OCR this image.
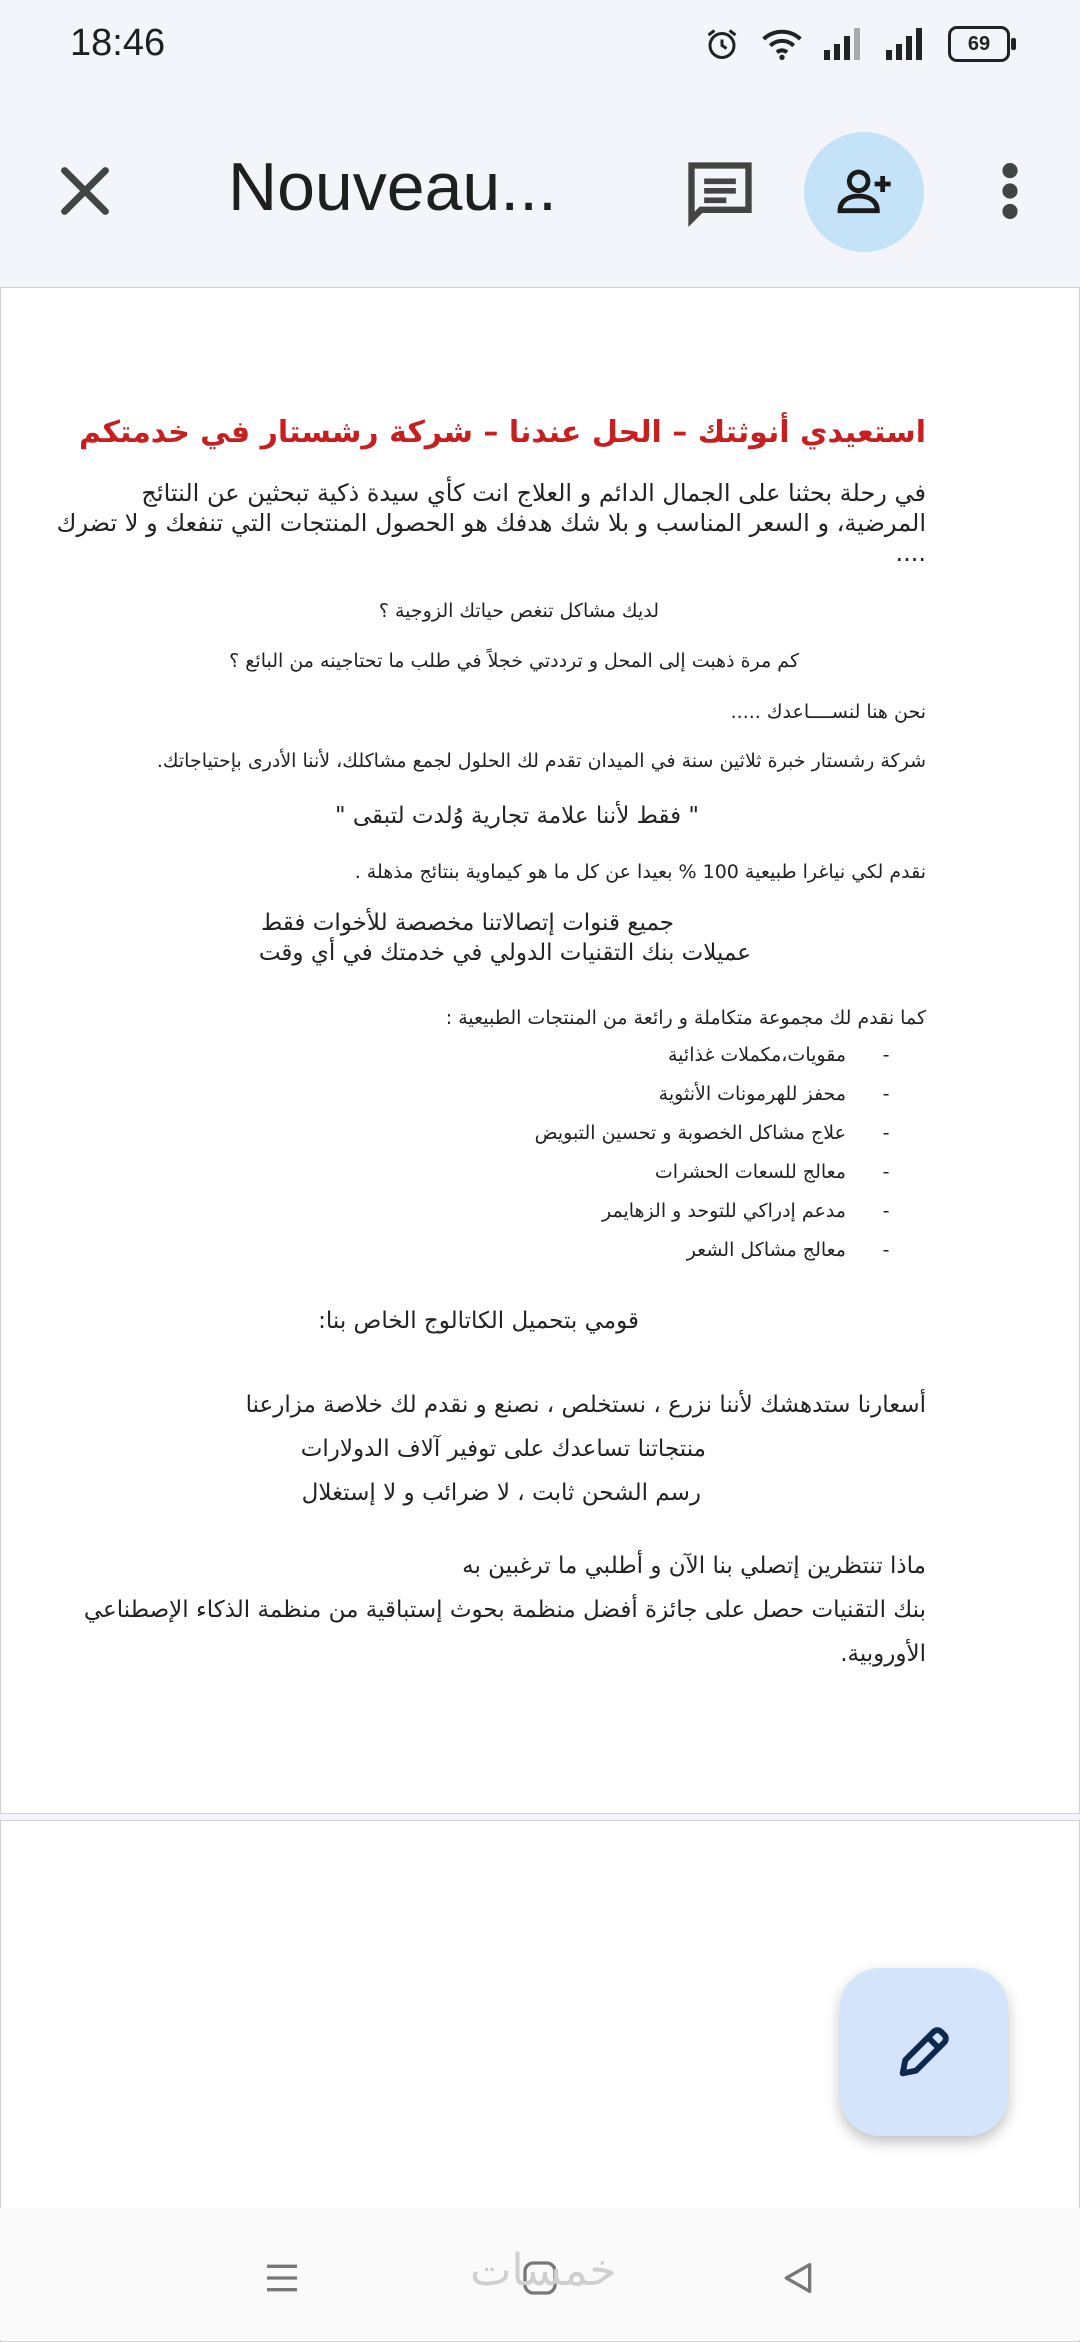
18:46	69
Nouveau...
استعيدي أنوثتك – الحل عندنا – شركة رشستار في خدمتكم
في رحلة بحثنا على الجمال الدائم و العلاج انت كأي سيدة ذكية تبحثين عن النتائج
المرضية، و السعر المناسب و بلا شك هدفك هو الحصول المنتجات التي تنفعك و لا تضرك
....
لديك مشاكل تنغص حياتك الزوجية ؟
كم مرة ذهبت إلى المحل و ترددتي خجلاً في طلب ما تحتاجينه من البائع ؟
نحن هنا لنســــاعدك .....
شركة رشستار خبرة ثلاثين سنة في الميدان تقدم لك الحلول لجمع مشاكلك، لأننا الأدرى بإحتياجاتك.
" فقط لأننا علامة تجارية وُلدت لتبقى "
نقدم لكي نياغرا طبيعية 100 % بعيدا عن كل ما هو كيماوية بنتائج مذهلة .
جميع قنوات إتصالاتنا مخصصة للأخوات فقط
عميلات بنك التقنيات الدولي في خدمتك في أي وقت
كما نقدم لك مجموعة متكاملة و رائعة من المنتجات الطبيعية :
-مقويات،مكملات غذائية
-محفز للهرمونات الأنثوية
-علاج مشاكل الخصوبة و تحسين التبويض
-معالج للسعات الحشرات
-مدعم إدراكي للتوحد و الزهايمر
-معالج مشاكل الشعر
قومي بتحميل الكاتالوج الخاص بنا:
أسعارنا ستدهشك لأننا نزرع ، نستخلص ، نصنع و نقدم لك خلاصة مزارعنا
منتجاتنا تساعدك على توفير آلاف الدولارات
رسم الشحن ثابت ، لا ضرائب و لا إستغلال
ماذا تنتظرين إتصلي بنا الآن و أطلبي ما ترغبين به
بنك التقنيات حصل على جائزة أفضل منظمة بحوث إستباقية من منظمة الذكاء الإصطناعي
الأوروبية.
خمسات
